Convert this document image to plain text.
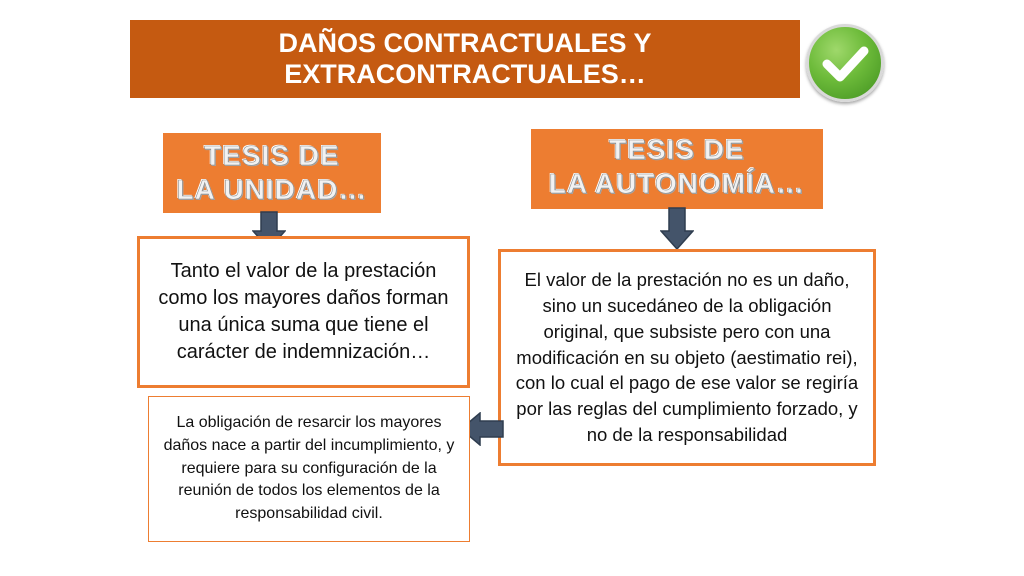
DAÑOS CONTRACTUALES Y
EXTRACONTRACTUALES…
TESIS DE
LA UNIDAD…
TESIS DE
LA AUTONOMÍA…
Tanto el valor de la prestación como los mayores daños forman una única suma que tiene el carácter de indemnización…
El valor de la prestación no es un daño, sino un sucedáneo de la obligación original, que subsiste pero con una modificación en su objeto (aestimatio rei), con lo cual el pago de ese valor se regiría por las reglas del cumplimiento forzado, y no de la responsabilidad
La obligación de resarcir los mayores daños nace a partir del incumplimiento, y requiere para su configuración de la reunión de todos los elementos de la responsabilidad civil.
